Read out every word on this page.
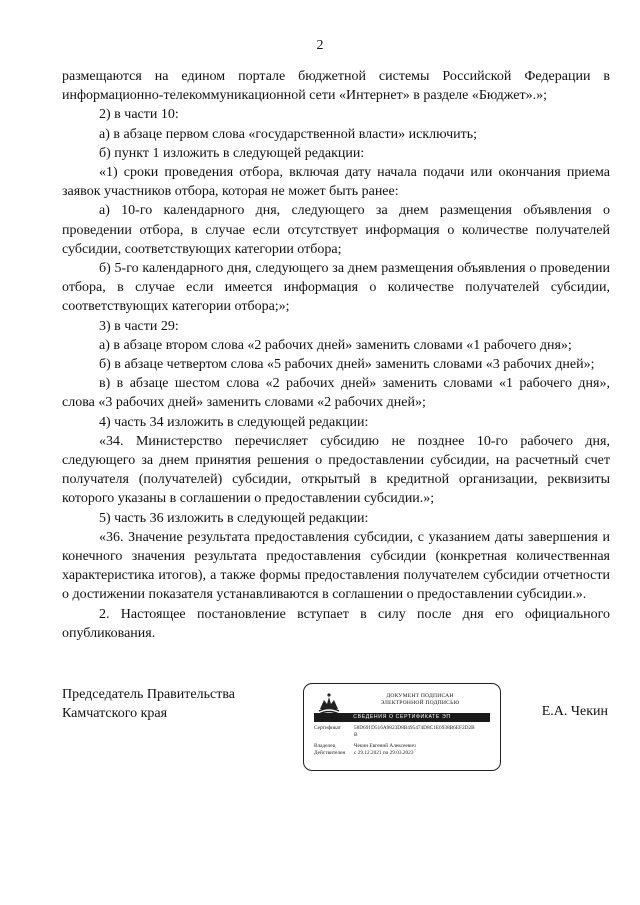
2

размещаются на едином портале бюджетной системы Российской Федерации в информационно-телекоммуникационной сети «Интернет» в разделе «Бюджет».»;

2) в части 10:

а) в абзаце первом слова «государственной власти» исключить;

б) пункт 1 изложить в следующей редакции:

«1) сроки проведения отбора, включая дату начала подачи или окончания приема заявок участников отбора, которая не может быть ранее:

а) 10-го календарного дня, следующего за днем размещения объявления о проведении отбора, в случае если отсутствует информация о количестве получателей субсидии, соответствующих категории отбора;

б) 5-го календарного дня, следующего за днем размещения объявления о проведении отбора, в случае если имеется информация о количестве получателей субсидии, соответствующих категории отбора;»;

3) в части 29:

а) в абзаце втором слова «2 рабочих дней» заменить словами «1 рабочего дня»;

б) в абзаце четвертом слова «5 рабочих дней» заменить словами «3 рабочих дней»;

в) в абзаце шестом слова «2 рабочих дней» заменить словами «1 рабочего дня», слова «3 рабочих дней» заменить словами «2 рабочих дней»;

4) часть 34 изложить в следующей редакции:

«34. Министерство перечисляет субсидию не позднее 10-го рабочего дня, следующего за днем принятия решения о предоставлении субсидии, на расчетный счет получателя (получателей) субсидии, открытый в кредитной организации, реквизиты которого указаны в соглашении о предоставлении субсидии.»;

5) часть 36 изложить в следующей редакции:

«36. Значение результата предоставления субсидии, с указанием даты завершения и конечного значения результата предоставления субсидии (конкретная количественная характеристика итогов), а также формы предоставления получателем субсидии отчетности о достижении показателя устанавливаются в соглашении о предоставлении субсидии.».

2. Настоящее постановление вступает в силу после дня его официального опубликования.

Председатель Правительства
Камчатского края
ДОКУМЕНТ ПОДПИСАН
ЭЛЕКТРОННОЙ ПОДПИСЬЮ
СВЕДЕНИЯ О СЕРТИФИКАТЕ ЭП
Сертификат 58D691D516A9823D8B495474D8C1E6938B6EF2D2B
B
Владелец	Чекин Евгений Алексеевич
Действителен с 29.12.2021 по 29.03.2023
Е.А. Чекин
